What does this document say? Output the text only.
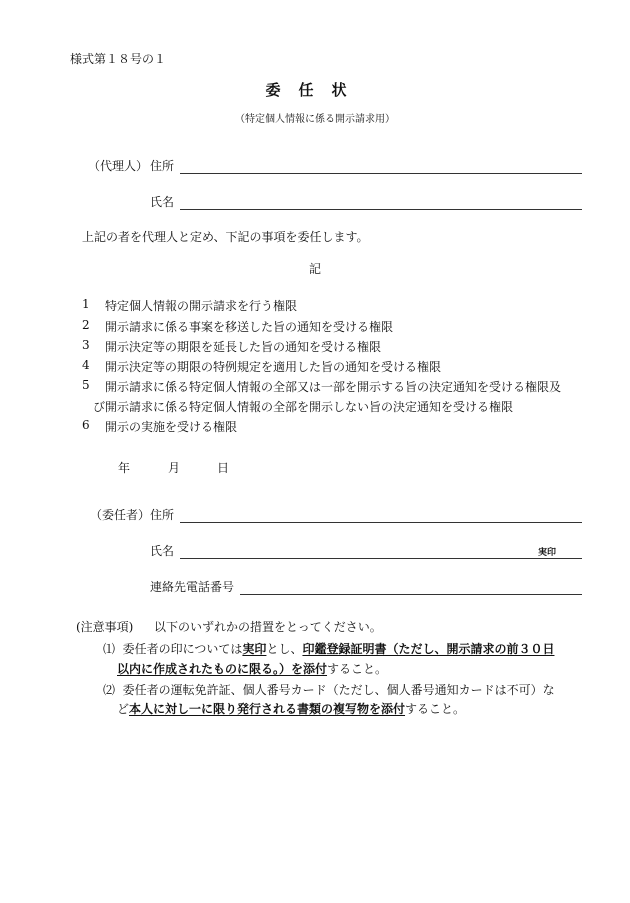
様式第１８号の１
委任状
（特定個人情報に係る開示請求用）
（代理人） 住所
氏名
上記の者を代理人と定め、下記の事項を委任します。
記
1 特定個人情報の開示請求を行う権限
2 開示請求に係る事案を移送した旨の通知を受ける権限
3 開示決定等の期限を延長した旨の通知を受ける権限
4 開示決定等の期限の特例規定を適用した旨の通知を受ける権限
5 開示請求に係る特定個人情報の全部又は一部を開示する旨の決定通知を受ける権限及
び開示請求に係る特定個人情報の全部を開示しない旨の決定通知を受ける権限
6 開示の実施を受ける権限
年	月	日
（委任者） 住所
氏名	実印
連絡先電話番号
(注意事項) 以下のいずれかの措置をとってください。
⑴ 委任者の印については実印とし、印鑑登録証明書（ただし、開示請求の前３０日
以内に作成されたものに限る。）を添付すること。
⑵ 委任者の運転免許証、個人番号カード（ただし、個人番号通知カードは不可）な
ど本人に対し一に限り発行される書類の複写物を添付すること。
